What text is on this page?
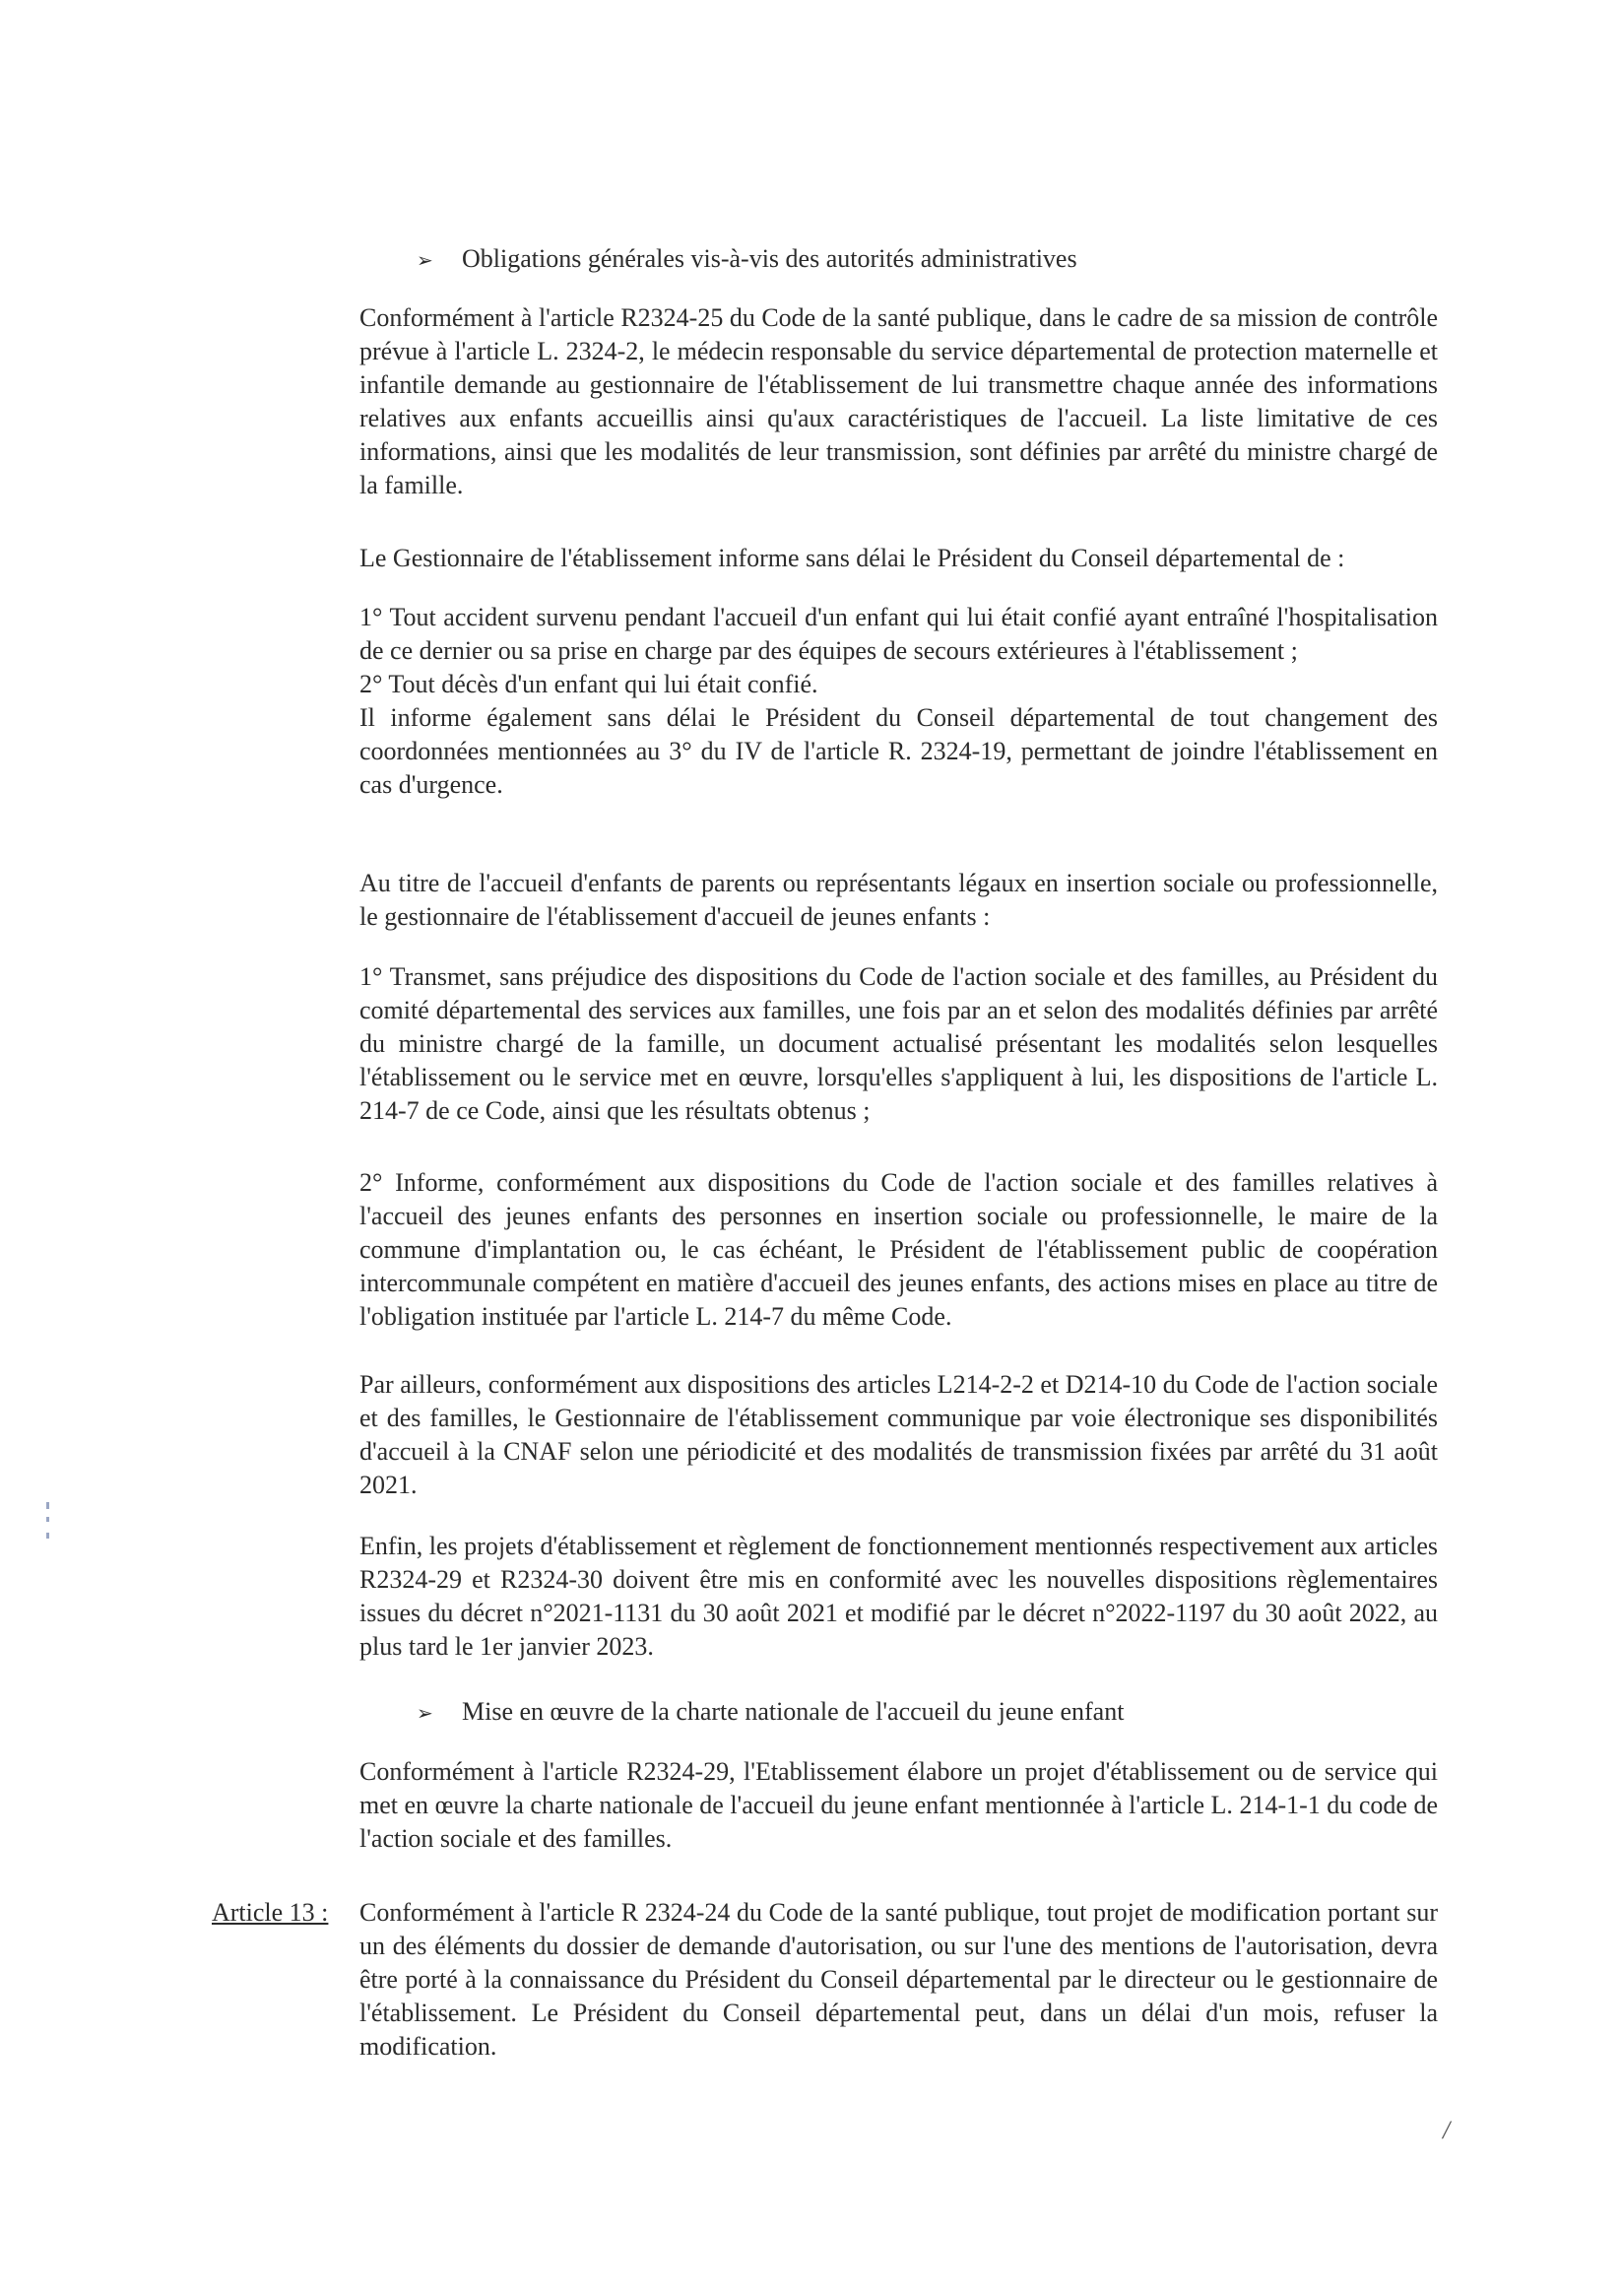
➢ Obligations générales vis-à-vis des autorités administratives
Conformément à l'article R2324-25 du Code de la santé publique, dans le cadre de sa mission de contrôle prévue à l'article L. 2324-2, le médecin responsable du service départemental de protection maternelle et infantile demande au gestionnaire de l'établissement de lui transmettre chaque année des informations relatives aux enfants accueillis ainsi qu'aux caractéristiques de l'accueil. La liste limitative de ces informations, ainsi que les modalités de leur transmission, sont définies par arrêté du ministre chargé de la famille.
Le Gestionnaire de l'établissement informe sans délai le Président du Conseil départemental de :
1° Tout accident survenu pendant l'accueil d'un enfant qui lui était confié ayant entraîné l'hospitalisation de ce dernier ou sa prise en charge par des équipes de secours extérieures à l'établissement ;
2° Tout décès d'un enfant qui lui était confié.
Il informe également sans délai le Président du Conseil départemental de tout changement des coordonnées mentionnées au 3° du IV de l'article R. 2324-19, permettant de joindre l'établissement en cas d'urgence.
Au titre de l'accueil d'enfants de parents ou représentants légaux en insertion sociale ou professionnelle, le gestionnaire de l'établissement d'accueil de jeunes enfants :
1° Transmet, sans préjudice des dispositions du Code de l'action sociale et des familles, au Président du comité départemental des services aux familles, une fois par an et selon des modalités définies par arrêté du ministre chargé de la famille, un document actualisé présentant les modalités selon lesquelles l'établissement ou le service met en œuvre, lorsqu'elles s'appliquent à lui, les dispositions de l'article L. 214-7 de ce Code, ainsi que les résultats obtenus ;
2° Informe, conformément aux dispositions du Code de l'action sociale et des familles relatives à l'accueil des jeunes enfants des personnes en insertion sociale ou professionnelle, le maire de la commune d'implantation ou, le cas échéant, le Président de l'établissement public de coopération intercommunale compétent en matière d'accueil des jeunes enfants, des actions mises en place au titre de l'obligation instituée par l'article L. 214-7 du même Code.
Par ailleurs, conformément aux dispositions des articles L214-2-2 et D214-10 du Code de l'action sociale et des familles, le Gestionnaire de l'établissement communique par voie électronique ses disponibilités d'accueil à la CNAF selon une périodicité et des modalités de transmission fixées par arrêté du 31 août 2021.
Enfin, les projets d'établissement et règlement de fonctionnement mentionnés respectivement aux articles R2324-29 et R2324-30 doivent être mis en conformité avec les nouvelles dispositions règlementaires issues du décret n°2021-1131 du 30 août 2021 et modifié par le décret n°2022-1197 du 30 août 2022, au plus tard le 1er janvier 2023.
➢ Mise en œuvre de la charte nationale de l'accueil du jeune enfant
Conformément à l'article R2324-29, l'Etablissement élabore un projet d'établissement ou de service qui met en œuvre la charte nationale de l'accueil du jeune enfant mentionnée à l'article L. 214-1-1 du code de l'action sociale et des familles.
Article 13 : Conformément à l'article R 2324-24 du Code de la santé publique, tout projet de modification portant sur un des éléments du dossier de demande d'autorisation, ou sur l'une des mentions de l'autorisation, devra être porté à la connaissance du Président du Conseil départemental par le directeur ou le gestionnaire de l'établissement. Le Président du Conseil départemental peut, dans un délai d'un mois, refuser la modification.
/
